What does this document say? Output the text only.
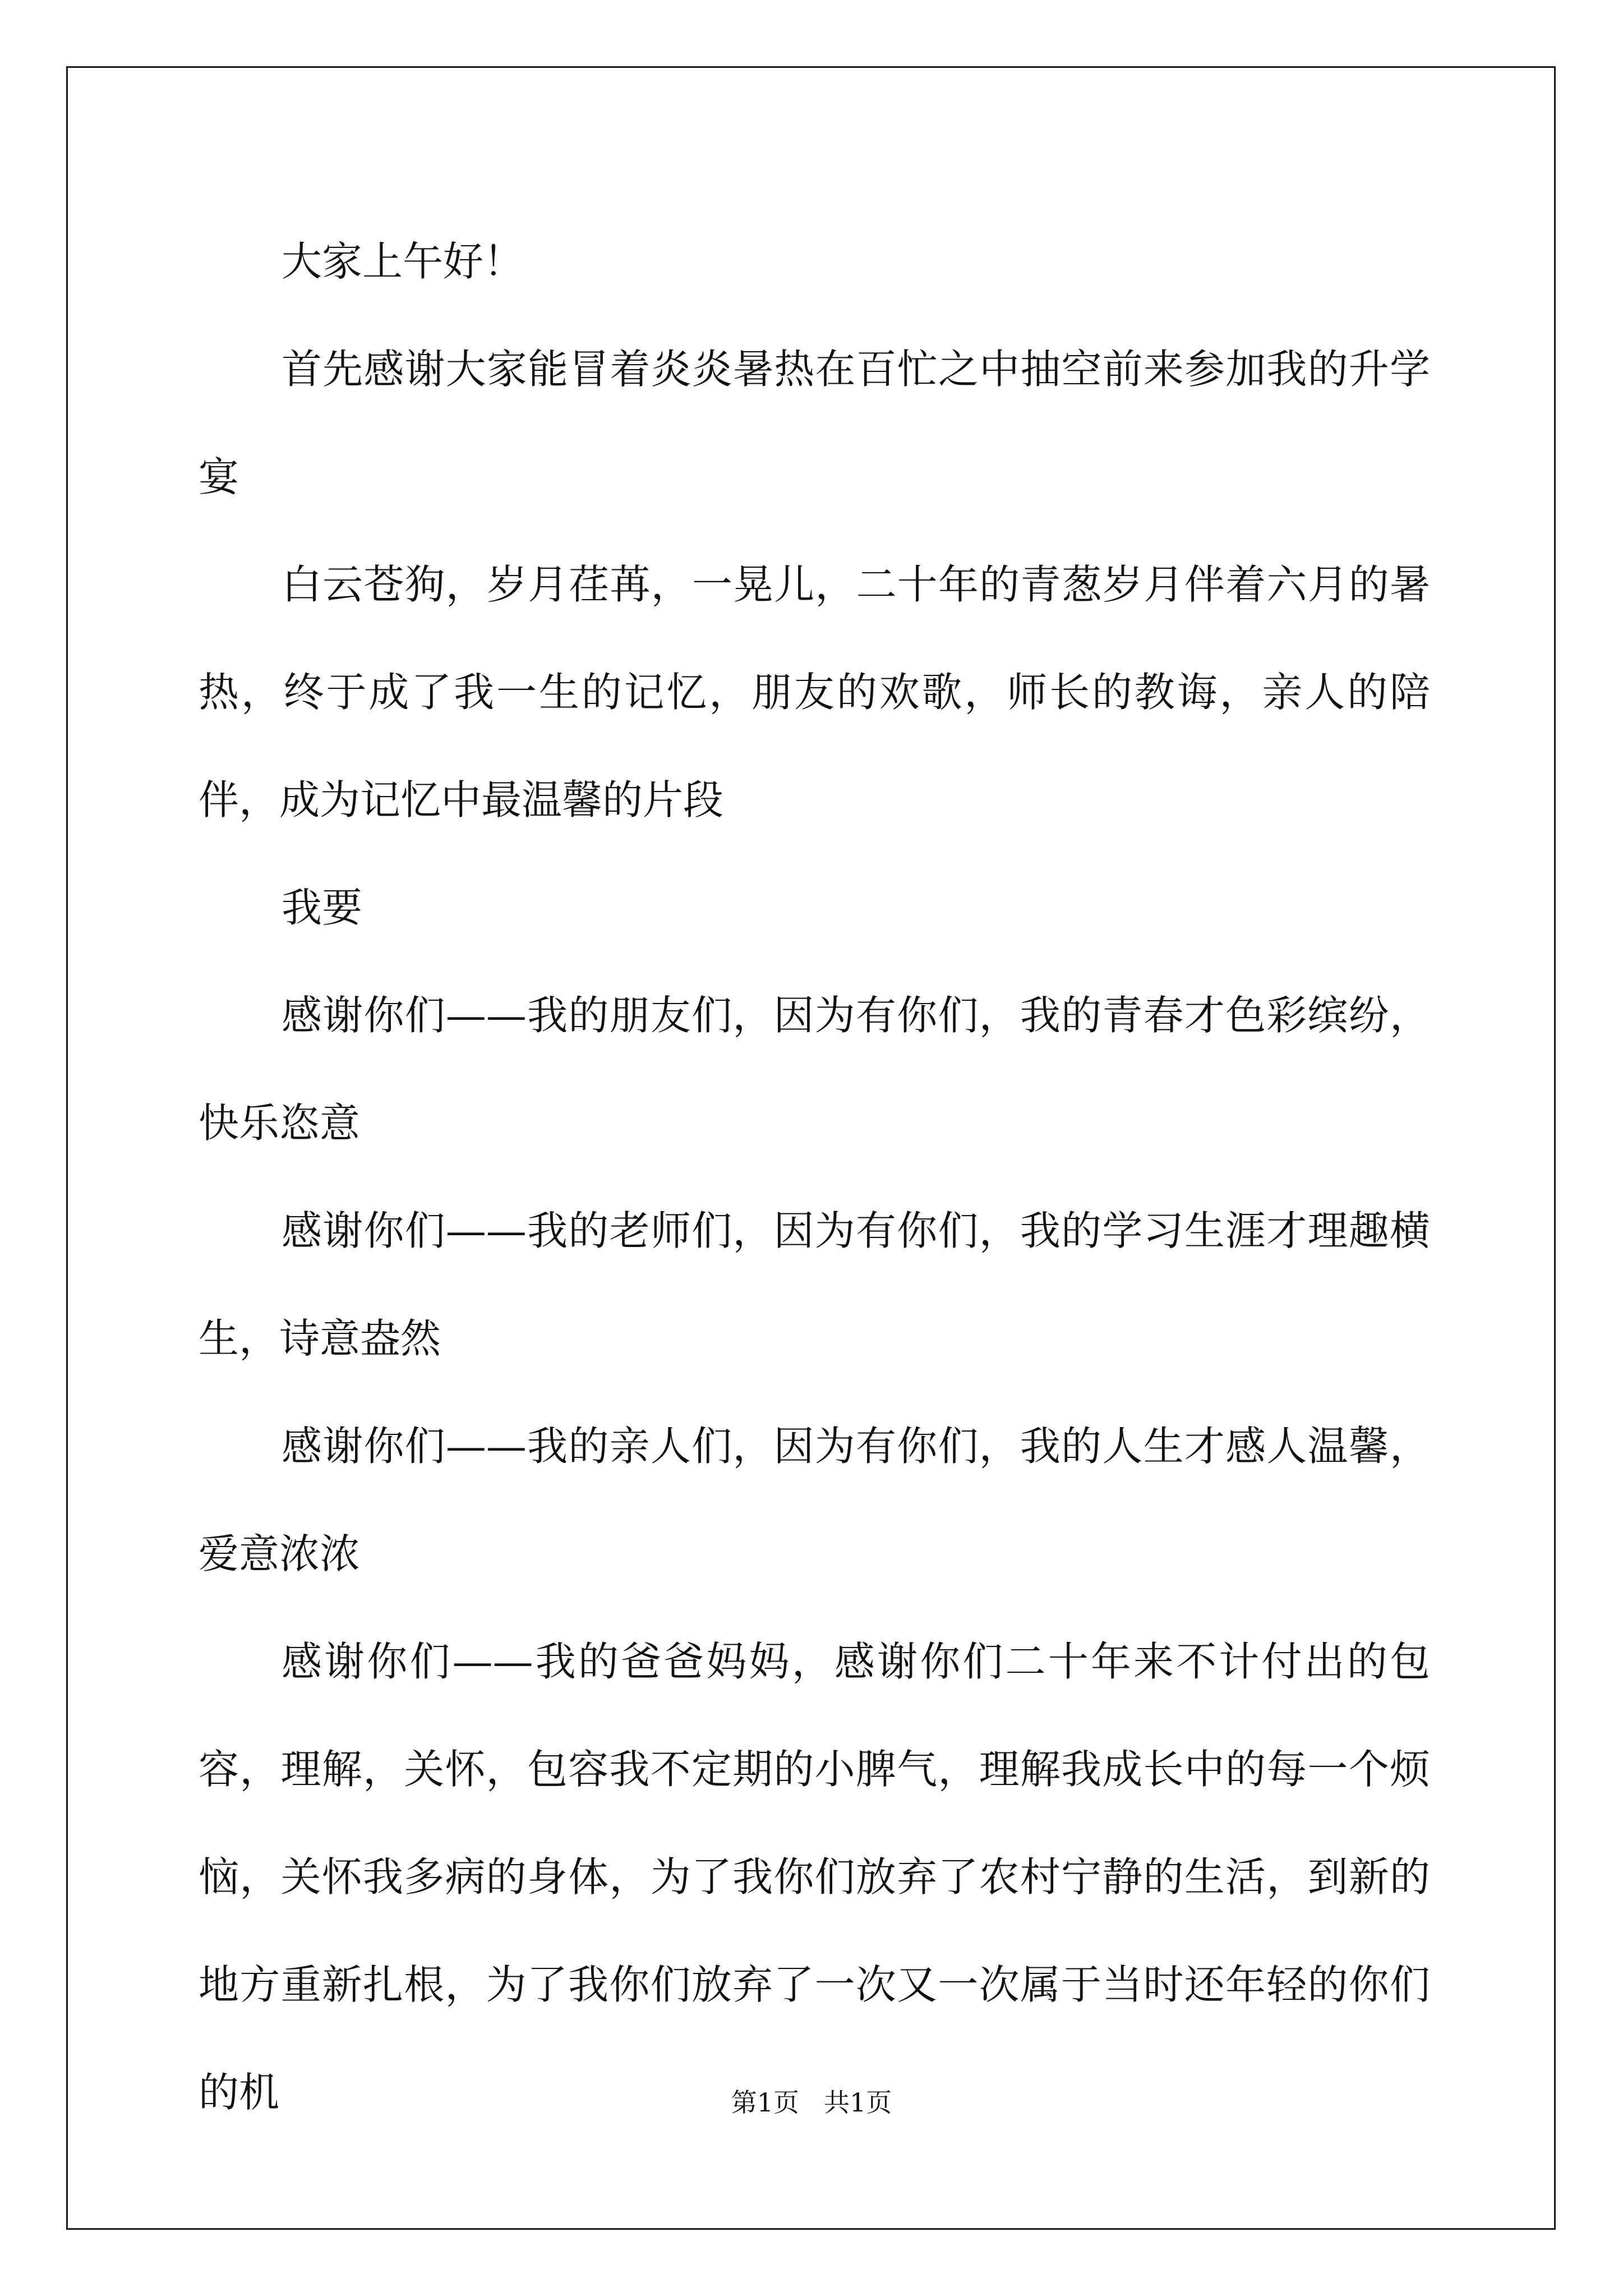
大家上午好！

首先感谢大家能冒着炎炎暑热在百忙之中抽空前来参加我的升学宴

白云苍狗，岁月荏苒，一晃儿，二十年的青葱岁月伴着六月的暑热，终于成了我一生的记忆，朋友的欢歌，师长的教诲，亲人的陪伴，成为记忆中最温馨的片段

我要

感谢你们——我的朋友们，因为有你们，我的青春才色彩缤纷，快乐恣意

感谢你们——我的老师们，因为有你们，我的学习生涯才理趣横生，诗意盎然

感谢你们——我的亲人们，因为有你们，我的人生才感人温馨，爱意浓浓

感谢你们——我的爸爸妈妈，感谢你们二十年来不计付出的包容，理解，关怀，包容我不定期的小脾气，理解我成长中的每一个烦恼，关怀我多病的身体，为了我你们放弃了农村宁静的生活，到新的地方重新扎根，为了我你们放弃了一次又一次属于当时还年轻的你们的机	第1页 共1页
